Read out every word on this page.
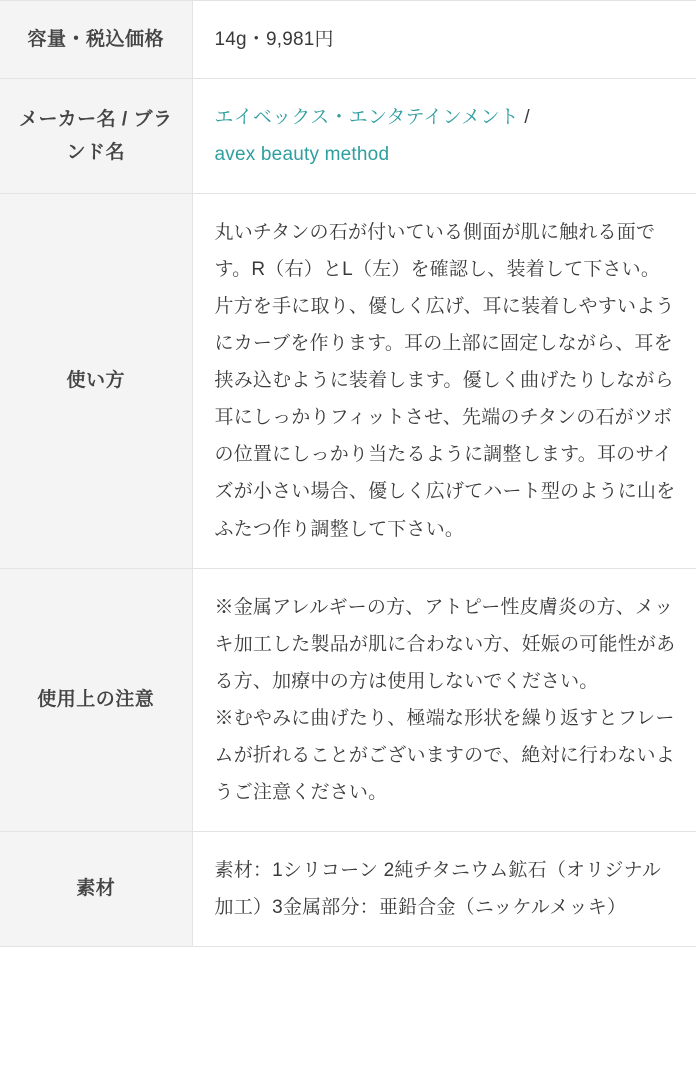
容量・税込価格	14g・9,981円

メーカー名 / ブランド名	エイベックス・エンタテインメント /
avex beauty method
使い方	丸いチタンの石が付いている側面が肌に触れる面です。R（右）とL（左）を確認し、装着して下さい。片方を手に取り、優しく広げ、耳に装着しやすいようにカーブを作ります。耳の上部に固定しながら、耳を挟み込むように装着します。優しく曲げたりしながら耳にしっかりフィットさせ、先端のチタンの石がツボの位置にしっかり当たるように調整します。耳のサイズが小さい場合、優しく広げてハート型のように山をふたつ作り調整して下さい。

使用上の注意	※金属アレルギーの方、アトピー性皮膚炎の方、メッキ加工した製品が肌に合わない方、妊娠の可能性がある方、加療中の方は使用しないでください。

※むやみに曲げたり、極端な形状を繰り返すとフレームが折れることがございますので、絶対に行わないようご注意ください。

素材	素材：1シリコーン 2純チタニウム鉱石（オリジナル加工）3金属部分：亜鉛合金（ニッケルメッキ）
